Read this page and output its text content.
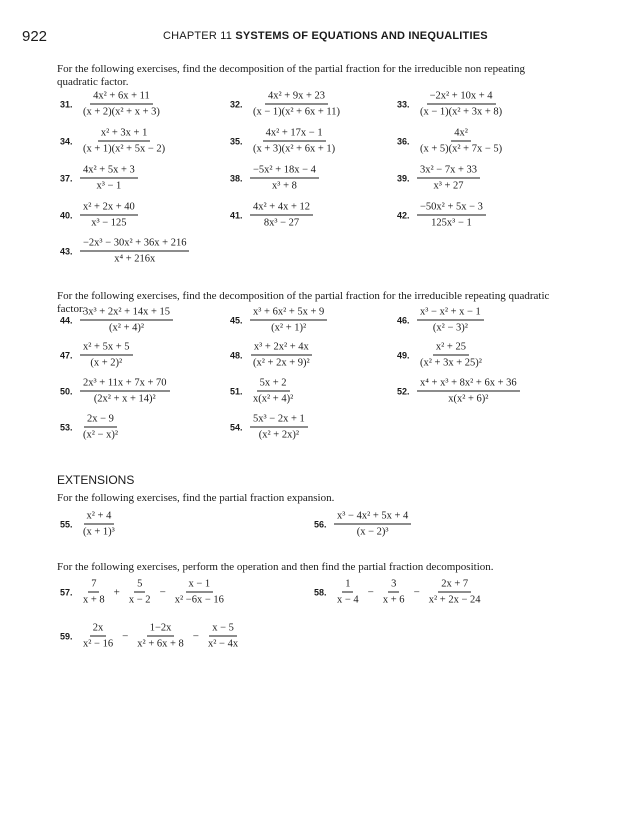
922	CHAPTER 11 SYSTEMS OF EQUATIONS AND INEQUALITIES
For the following exercises, find the decomposition of the partial fraction for the irreducible non repeating quadratic factor.
For the following exercises, find the decomposition of the partial fraction for the irreducible repeating quadratic factor.
EXTENSIONS
For the following exercises, find the partial fraction expansion.
For the following exercises, perform the operation and then find the partial fraction decomposition.
31. $\frac{\text{4x² + 6x + 11}}{\text{(x + 2)(x² + x + 3)}}$	32. $\frac{\text{4x² + 9x + 23}}{\text{(x − 1)(x² + 6x + 11)}}$	33. $\frac{\text{−2x² + 10x + 4}}{\text{(x − 1)(x² + 3x + 8)}}$
34. $\frac{\text{x² + 3x + 1}}{\text{(x + 1)(x² + 5x − 2)}}$	35. $\frac{\text{4x² + 17x − 1}}{\text{(x + 3)(x² + 6x + 1)}}$	36. $\frac{\text{4x²}}{\text{(x + 5)(x² + 7x − 5)}}$
37. $\frac{\text{4x² + 5x + 3}}{\text{x³ − 1}}$	38. $\frac{\text{−5x² + 18x − 4}}{\text{x³ + 8}}$	39. $\frac{\text{3x² − 7x + 33}}{\text{x³ + 27}}$
40. $\frac{\text{x² + 2x + 40}}{\text{x³ − 125}}$	41. $\frac{\text{4x² + 4x + 12}}{\text{8x³ − 27}}$	42. $\frac{\text{−50x² + 5x − 3}}{\text{125x³ − 1}}$
43. $\frac{\text{−2x³ − 30x² + 36x + 216}}{\text{x⁴ + 216x}}$
44. $\frac{\text{3x³ + 2x² + 14x + 15}}{\text{(x² + 4)²}}$	45. $\frac{\text{x³ + 6x² + 5x + 9}}{\text{(x² + 1)²}}$	46. $\frac{\text{x³ − x² + x − 1}}{\text{(x² − 3)²}}$
47. $\frac{\text{x² + 5x + 5}}{\text{(x + 2)²}}$	48. $\frac{\text{x³ + 2x² + 4x}}{\text{(x² + 2x + 9)²}}$	49. $\frac{\text{x² + 25}}{\text{(x² + 3x + 25)²}}$
50. $\frac{\text{2x³ + 11x + 7x + 70}}{\text{(2x² + x + 14)²}}$	51. $\frac{5x + 2}{\text{x(x² + 4)²}}$	52. $\frac{\text{x⁴ + x³ + 8x² + 6x + 36}}{\text{x(x² + 6)²}}$
53. $\frac{2x - 9}{\text{(x² − x)²}}$	54. $\frac{\text{5x³ − 2x + 1}}{\text{(x² + 2x)²}}$
55. $\frac{\text{x² + 4}}{\text{(x + 1)³}}$	56. $\frac{\text{x³ − 4x² + 5x + 4}}{\text{(x − 2)³}}$
57. $\frac{7}{x + 8} + \frac{5}{x - 2} - \frac{x - 1}{\text{x² −6x − 16}}$	58. $\frac{1}{x - 4} - \frac{3}{x + 6} - \frac{2x + 7}{\text{x² + 2x − 24}}$
59. $\frac{2x}{\text{x² − 16}} - \frac{1-2x}{\text{x² + 6x + 8}} - \frac{x - 5}{\text{x² − 4x}}$
